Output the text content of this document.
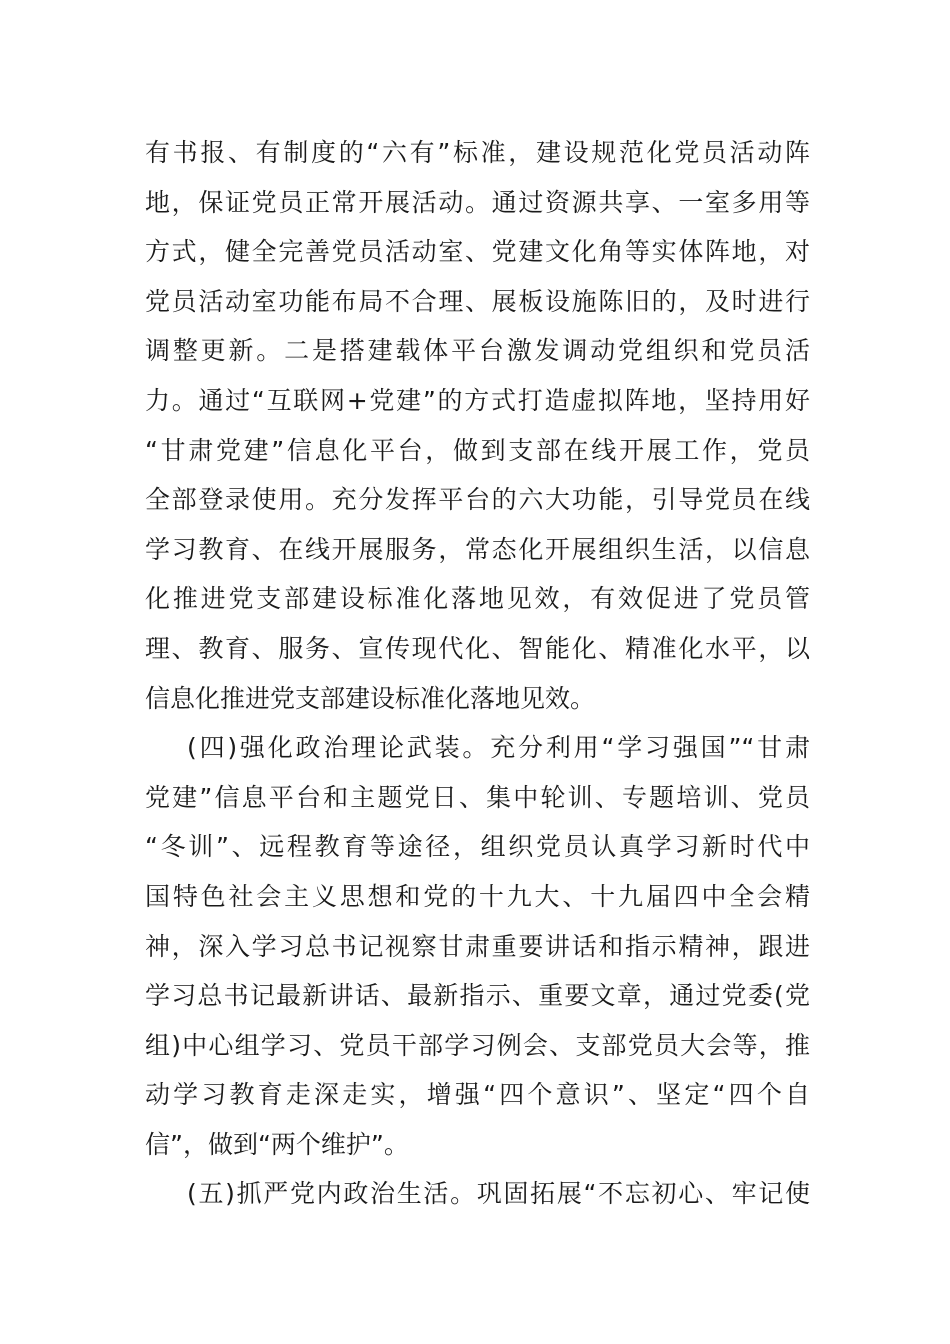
有书报、有制度的“六有”标准，建设规范化党员活动阵
地，保证党员正常开展活动。通过资源共享、一室多用等
方式，健全完善党员活动室、党建文化角等实体阵地，对
党员活动室功能布局不合理、展板设施陈旧的，及时进行
调整更新。二是搭建载体平台激发调动党组织和党员活
力。通过“互联网+党建”的方式打造虚拟阵地，坚持用好
“甘肃党建”信息化平台，做到支部在线开展工作，党员
全部登录使用。充分发挥平台的六大功能，引导党员在线
学习教育、在线开展服务，常态化开展组织生活，以信息
化推进党支部建设标准化落地见效，有效促进了党员管
理、教育、服务、宣传现代化、智能化、精准化水平，以
信息化推进党支部建设标准化落地见效。
(四)强化政治理论武装。充分利用“学习强国”“甘肃
党建”信息平台和主题党日、集中轮训、专题培训、党员
“冬训”、远程教育等途径，组织党员认真学习新时代中
国特色社会主义思想和党的十九大、十九届四中全会精
神，深入学习总书记视察甘肃重要讲话和指示精神，跟进
学习总书记最新讲话、最新指示、重要文章，通过党委(党
组)中心组学习、党员干部学习例会、支部党员大会等，推
动学习教育走深走实，增强“四个意识”、坚定“四个自
信”，做到“两个维护”。
(五)抓严党内政治生活。巩固拓展“不忘初心、牢记使
